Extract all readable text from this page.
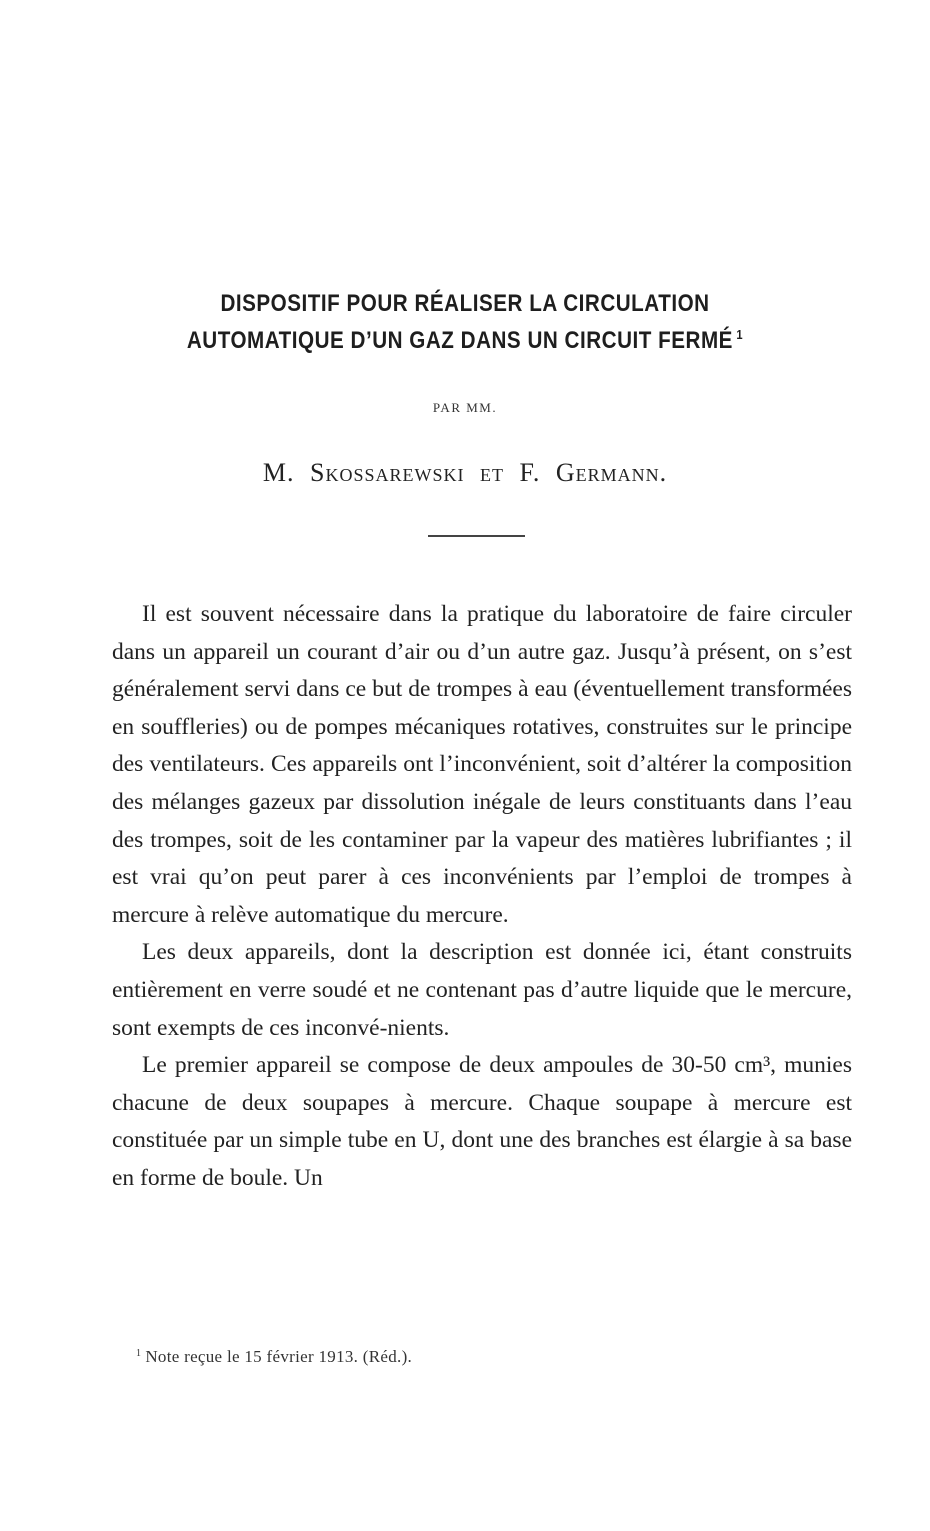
DISPOSITIF POUR RÉALISER LA CIRCULATION
AUTOMATIQUE D’UN GAZ DANS UN CIRCUIT FERMÉ $^1$
PAR MM.
M. Skossarewski et F. Germann.

Il est souvent nécessaire dans la pratique du laboratoire de faire circuler dans un appareil un courant d’air ou d’un autre gaz. Jusqu’à présent, on s’est généralement servi dans ce but de trompes à eau (éventuellement transformées en souffleries) ou de pompes mécaniques rotatives, construites sur le principe des ventilateurs. Ces appareils ont l’inconvénient, soit d’altérer la composition des mélanges gazeux par dissolution inégale de leurs constituants dans l’eau des trompes, soit de les contaminer par la vapeur des matières lubrifiantes ; il est vrai qu’on peut parer à ces inconvénients par l’emploi de trompes à mercure à relève automatique du mercure.

Les deux appareils, dont la description est donnée ici, étant construits entièrement en verre soudé et ne contenant pas d’autre liquide que le mercure, sont exempts de ces inconvé-nients.

Le premier appareil se compose de deux ampoules de 30-50 cm³, munies chacune de deux soupapes à mercure. Chaque soupape à mercure est constituée par un simple tube en U, dont une des branches est élargie à sa base en forme de boule. Un

$^1$ Note reçue le 15 février 1913. (Réd.).
